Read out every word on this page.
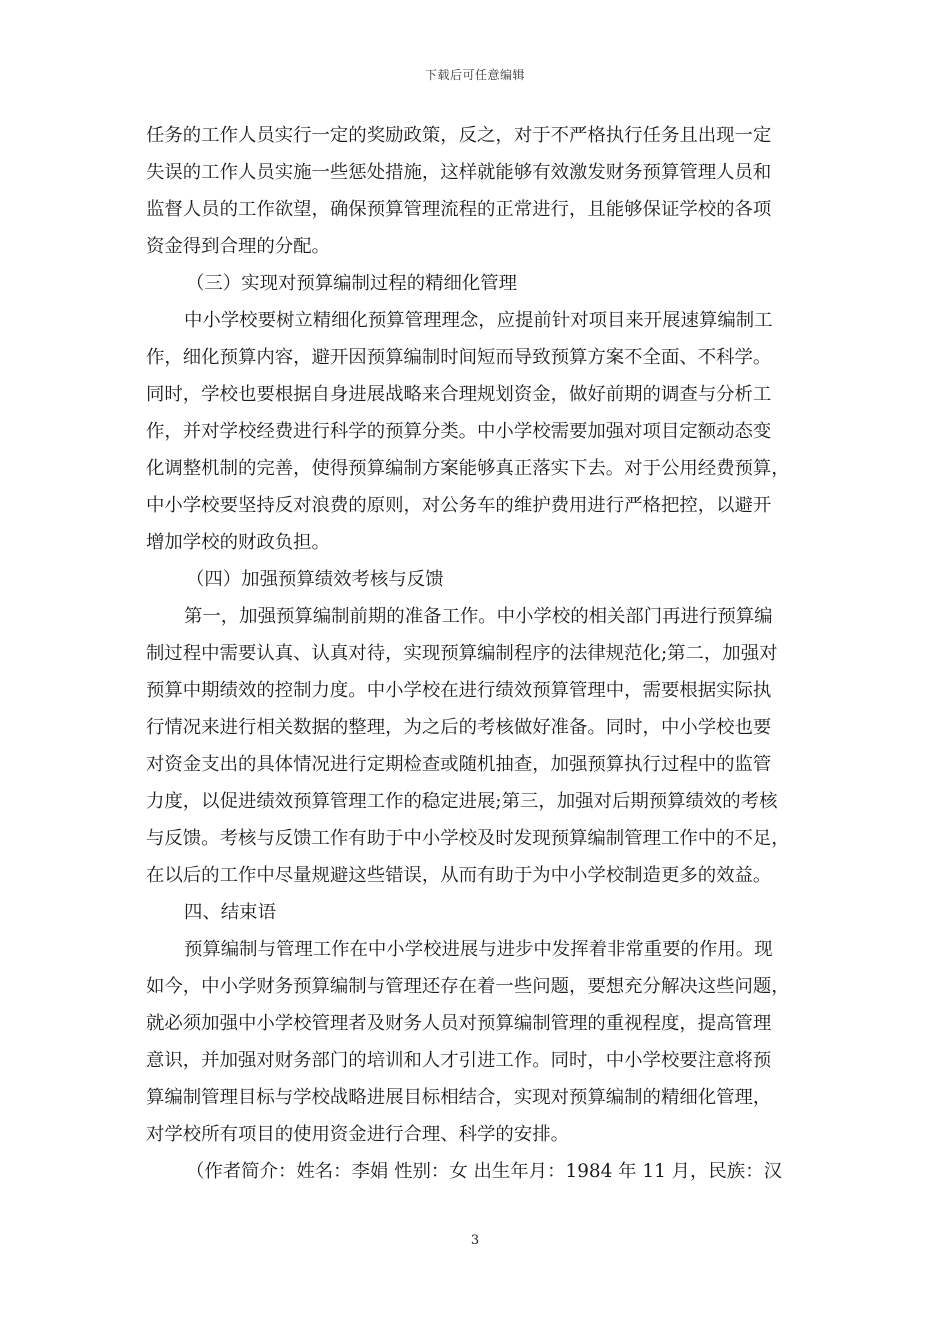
下载后可任意编辑
任务的工作人员实行一定的奖励政策，反之，对于不严格执行任务且出现一定
失误的工作人员实施一些惩处措施，这样就能够有效激发财务预算管理人员和
监督人员的工作欲望，确保预算管理流程的正常进行，且能够保证学校的各项
资金得到合理的分配。
（三）实现对预算编制过程的精细化管理
中小学校要树立精细化预算管理理念，应提前针对项目来开展速算编制工
作，细化预算内容，避开因预算编制时间短而导致预算方案不全面、不科学。
同时，学校也要根据自身进展战略来合理规划资金，做好前期的调查与分析工
作，并对学校经费进行科学的预算分类。中小学校需要加强对项目定额动态变
化调整机制的完善，使得预算编制方案能够真正落实下去。对于公用经费预算，
中小学校要坚持反对浪费的原则，对公务车的维护费用进行严格把控，以避开
增加学校的财政负担。
（四）加强预算绩效考核与反馈
第一，加强预算编制前期的准备工作。中小学校的相关部门再进行预算编
制过程中需要认真、认真对待，实现预算编制程序的法律规范化;第二，加强对
预算中期绩效的控制力度。中小学校在进行绩效预算管理中，需要根据实际执
行情况来进行相关数据的整理，为之后的考核做好准备。同时，中小学校也要
对资金支出的具体情况进行定期检查或随机抽查，加强预算执行过程中的监管
力度，以促进绩效预算管理工作的稳定进展;第三，加强对后期预算绩效的考核
与反馈。考核与反馈工作有助于中小学校及时发现预算编制管理工作中的不足，
在以后的工作中尽量规避这些错误，从而有助于为中小学校制造更多的效益。
四、结束语
预算编制与管理工作在中小学校进展与进步中发挥着非常重要的作用。现
如今，中小学财务预算编制与管理还存在着一些问题，要想充分解决这些问题，
就必须加强中小学校管理者及财务人员对预算编制管理的重视程度，提高管理
意识，并加强对财务部门的培训和人才引进工作。同时，中小学校要注意将预
算编制管理目标与学校战略进展目标相结合，实现对预算编制的精细化管理，
对学校所有项目的使用资金进行合理、科学的安排。
（作者简介：姓名：李娟 性别：女 出生年月：1984 年 11 月，民族：汉
3
